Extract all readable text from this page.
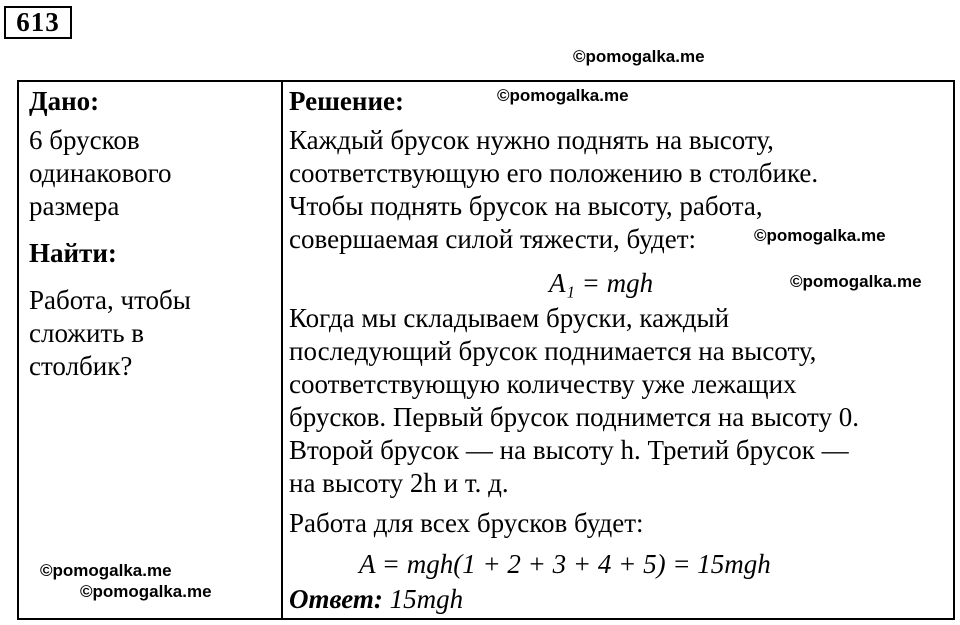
613
©pomogalka.me
Дано:
6 брусков
одинакового
размера
Найти:
Работа, чтобы
сложить в
столбик?
Решение:
Каждый брусок нужно поднять на высоту,
соответствующую его положению в столбике.
Чтобы поднять брусок на высоту, работа,
совершаемая силой тяжести, будет:
A₁ = mgh
Когда мы складываем бруски, каждый
последующий брусок поднимается на высоту,
соответствующую количеству уже лежащих
брусков. Первый брусок поднимется на высоту 0.
Второй брусок — на высоту h. Третий брусок —
на высоту 2h и т. д.
Работа для всех брусков будет:
A = mgh(1 + 2 + 3 + 4 + 5) = 15mgh
Ответ: 15mgh
©pomogalka.me
©pomogalka.me
©pomogalka.me
©pomogalka.me
©pomogalka.me
